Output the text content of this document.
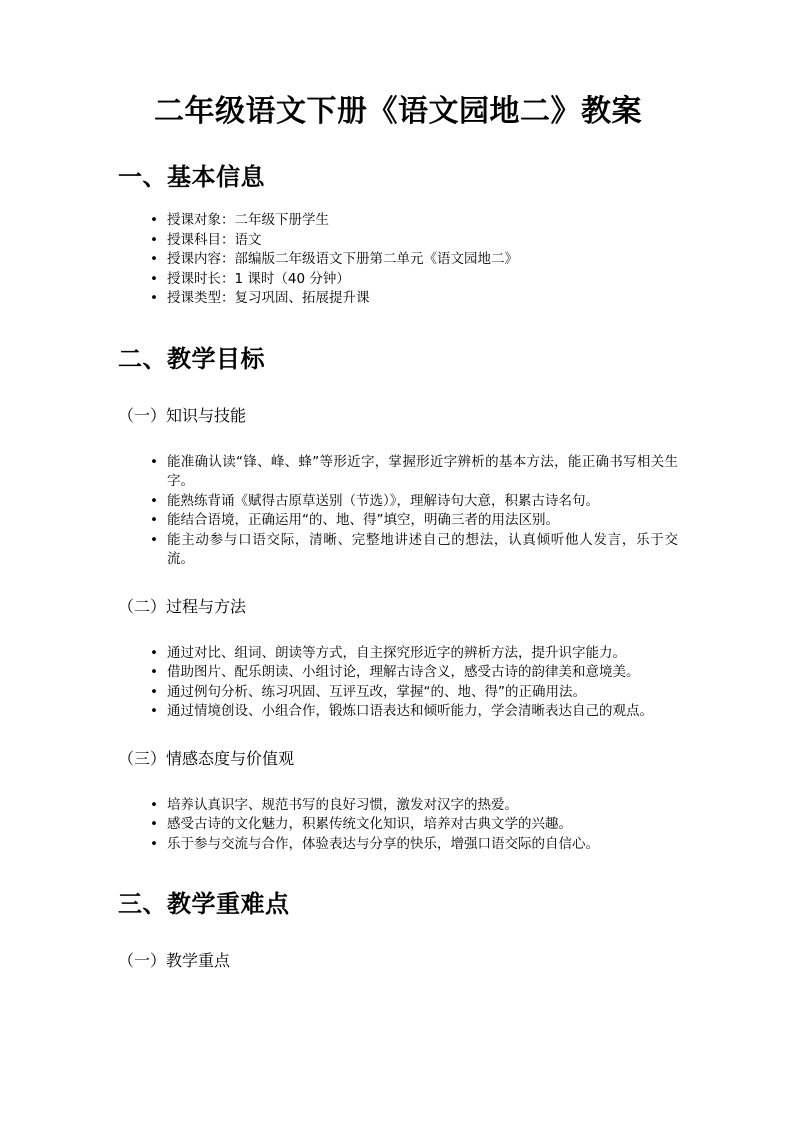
二年级语文下册《语文园地二》教案
一、基本信息
• 授课对象：二年级下册学生
• 授课科目：语文
• 授课内容：部编版二年级语文下册第二单元《语文园地二》
• 授课时长：1 课时（40 分钟）
• 授课类型：复习巩固、拓展提升课
二、教学目标
（一）知识与技能
• 能准确认读“锋、峰、蜂”等形近字，掌握形近字辨析的基本方法，能正确书写相关生字。
• 能熟练背诵《赋得古原草送别（节选）》，理解诗句大意，积累古诗名句。
• 能结合语境，正确运用“的、地、得”填空，明确三者的用法区别。
• 能主动参与口语交际，清晰、完整地讲述自己的想法，认真倾听他人发言，乐于交流。
（二）过程与方法
• 通过对比、组词、朗读等方式，自主探究形近字的辨析方法，提升识字能力。
• 借助图片、配乐朗读、小组讨论，理解古诗含义，感受古诗的韵律美和意境美。
• 通过例句分析、练习巩固、互评互改，掌握“的、地、得”的正确用法。
• 通过情境创设、小组合作，锻炼口语表达和倾听能力，学会清晰表达自己的观点。
（三）情感态度与价值观
• 培养认真识字、规范书写的良好习惯，激发对汉字的热爱。
• 感受古诗的文化魅力，积累传统文化知识，培养对古典文学的兴趣。
• 乐于参与交流与合作，体验表达与分享的快乐，增强口语交际的自信心。
三、教学重难点
（一）教学重点
